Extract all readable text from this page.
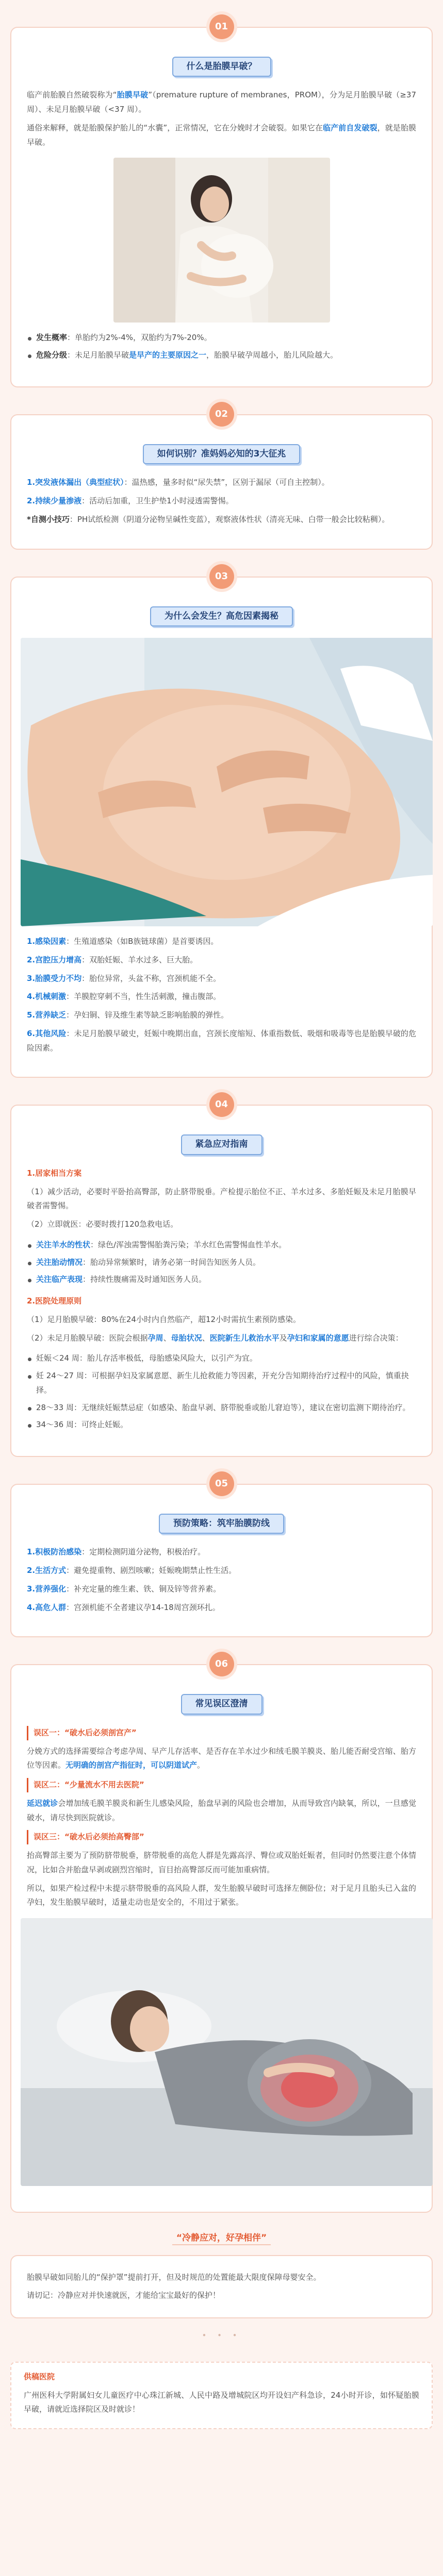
01
什么是胎膜早破？

临产前胎膜自然破裂称为“胎膜早破”（premature rupture of membranes，PROM），分为足月胎膜早破（≥37 周）、未足月胎膜早破（<37 周）。

通俗来解释，就是胎膜保护胎儿的“水囊”，正常情况，它在分娩时才会破裂。如果它在临产前自发破裂，就是胎膜早破。

发生概率：单胎约为2%-4%，双胎约为7%-20%。
危险分级：未足月胎膜早破是早产的主要原因之一，胎膜早破孕周越小，胎儿风险越大。
02
如何识别？准妈妈必知的3大征兆

1.突发液体漏出（典型症状）：温热感，量多时似“尿失禁”，区别于漏尿（可自主控制）。

2.持续少量渗液：活动后加重，卫生护垫1小时浸透需警惕。

*自测小技巧：PH试纸检测（阴道分泌物呈碱性变蓝），观察液体性状（清亮无味、白带一般会比较粘稠）。

03
为什么会发生？高危因素揭秘

1.感染因素：生殖道感染（如B族链球菌）是首要诱因。

2.宫腔压力增高：双胎妊娠、羊水过多、巨大胎。

3.胎膜受力不均：胎位异常，头盆不称，宫颈机能不全。

4.机械刺激：羊膜腔穿刺不当，性生活刺激，撞击腹部。

5.营养缺乏：孕妇铜、锌及维生素等缺乏影响胎膜的弹性。

6.其他风险：未足月胎膜早破史，妊娠中晚期出血，宫颈长度缩短、体重指数低、吸烟和吸毒等也是胎膜早破的危险因素。

04
紧急应对指南
1.居家相当方案

（1）减少活动，必要时平卧抬高臀部，防止脐带脱垂。产检提示胎位不正、羊水过多、多胎妊娠及未足月胎膜早破者需警惕。

（2）立即就医：必要时拨打120急救电话。

关注羊水的性状：绿色/浑浊需警惕胎粪污染；羊水红色需警惕血性羊水。
关注胎动情况：胎动异常频繁时，请务必第一时间告知医务人员。
关注临产表现：持续性腹痛需及时通知医务人员。
2.医院处理原则

（1）足月胎膜早破：80%在24小时内自然临产，超12小时需抗生素预防感染。

（2）未足月胎膜早破：医院会根据孕周、母胎状况、医院新生儿救治水平及孕妇和家属的意愿进行综合决策：

妊娠＜24 周：胎儿存活率极低，母胎感染风险大，以引产为宜。
妊 24～27 周：可根据孕妇及家属意愿、新生儿抢救能力等因素，开充分告知期待治疗过程中的风险，慎重抉择。
28～33 周：无继续妊娠禁忌症（如感染、胎盘早剥、脐带脱垂或胎儿窘迫等），建议在密切监测下期待治疗。
34～36 周：可终止妊娠。
05
预防策略：筑牢胎膜防线

1.积极防治感染：定期检测阴道分泌物，积极治疗。

2.生活方式：避免提重物、剧烈咳嗽；妊娠晚期禁止性生活。

3.营养强化：补充定量的维生素、铁、铜及锌等营养素。

4.高危人群：宫颈机能不全者建议孕14-18周宫颈环扎。

06
常见误区澄清
误区一：“破水后必须剖宫产”

分娩方式的选择需要综合考虑孕周、早产儿存活率、是否存在羊水过少和绒毛膜羊膜炎、胎儿能否耐受宫缩、胎方位等因素。无明确的剖宫产指征时，可以阴道试产。

误区二：“少量流水不用去医院”

延迟就诊会增加绒毛膜羊膜炎和新生儿感染风险，胎盘早剥的风险也会增加，从而导致宫内缺氧，所以，一旦感觉破水，请尽快到医院就诊。

误区三：“破水后必须抬高臀部”

抬高臀部主要为了预防脐带脱垂，脐带脱垂的高危人群是先露高浮、臀位或双胎妊娠者，但同时仍然要注意个体情况，比如合并胎盘早剥或剧烈宫缩时，盲目抬高臀部反而可能加重病情。

所以，如果产检过程中未提示脐带脱垂的高风险人群，发生胎膜早破时可选择左侧卧位；对于足月且胎头已入盆的孕妇，发生胎膜早破时，适量走动也是安全的，不用过于紧张。

“冷静应对，好孕相伴”

胎膜早破如同胎儿的“保护罩”提前打开，但及时规范的处置能最大限度保障母婴安全。

请切记：冷静应对并快速就医，才能给宝宝最好的保护！

• • •
供稿医院

广州医科大学附属妇女儿童医疗中心珠江新城、人民中路及增城院区均开设妇产科急诊，24小时开诊，如怀疑胎膜早破，请就近选择院区及时就诊！
